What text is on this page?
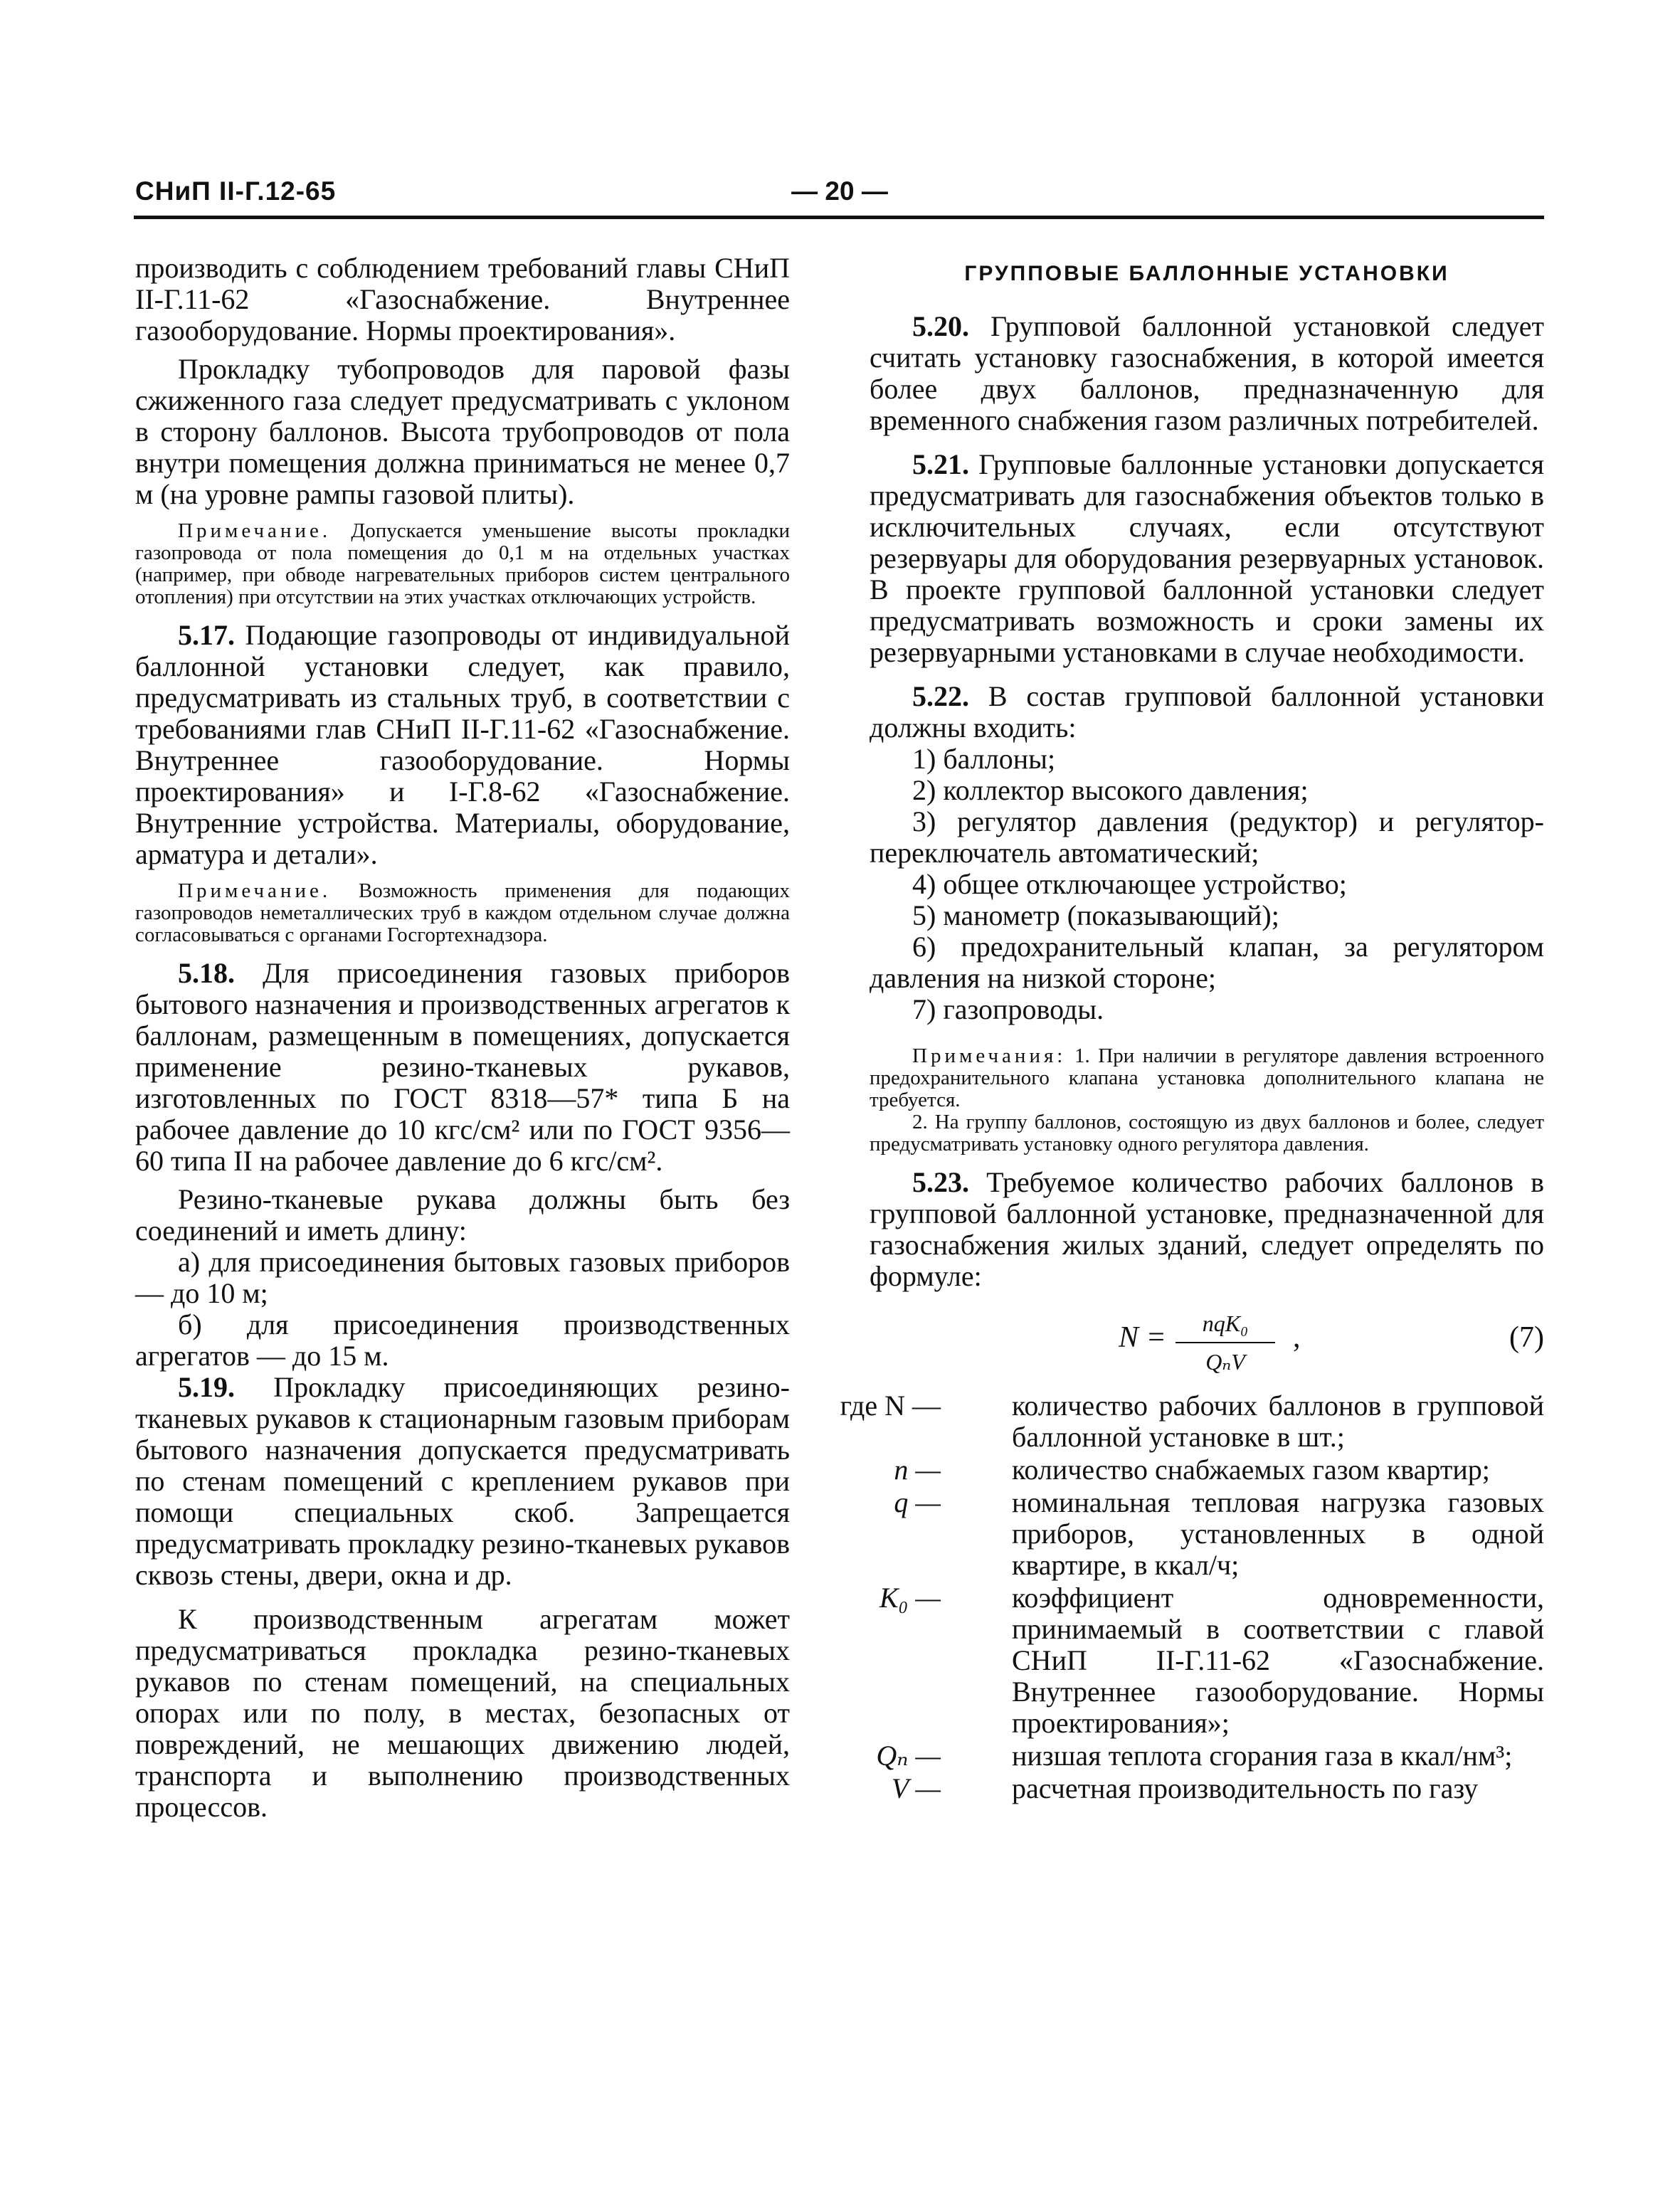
СНиП II-Г.12-65	— 20 —

производить с соблюдением требований главы СНиП II-Г.11-62 «Газоснабжение. Внутреннее газооборудование. Нормы проектирования».

Прокладку тубопроводов для паровой фазы сжиженного газа следует предусматривать с уклоном в сторону баллонов. Высота трубопроводов от пола внутри помещения должна приниматься не менее 0,7 м (на уровне рампы газовой плиты).

Примечание. Допускается уменьшение высоты прокладки газопровода от пола помещения до 0,1 м на отдельных участках (например, при обводе нагревательных приборов систем центрального отопления) при отсутствии на этих участках отключающих устройств.

5.17. Подающие газопроводы от индивидуальной баллонной установки следует, как правило, предусматривать из стальных труб, в соответствии с требованиями глав СНиП II-Г.11-62 «Газоснабжение. Внутреннее газооборудование. Нормы проектирования» и I-Г.8-62 «Газоснабжение. Внутренние устройства. Материалы, оборудование, арматура и детали».

Примечание. Возможность применения для подающих газопроводов неметаллических труб в каждом отдельном случае должна согласовываться с органами Госгортехнадзора.

5.18. Для присоединения газовых приборов бытового назначения и производственных агрегатов к баллонам, размещенным в помещениях, допускается применение резино-тканевых рукавов, изготовленных по ГОСТ 8318—57* типа Б на рабочее давление до 10 кгс/см² или по ГОСТ 9356—60 типа II на рабочее давление до 6 кгс/см².

Резино-тканевые рукава должны быть без соединений и иметь длину:

а) для присоединения бытовых газовых приборов — до 10 м;

б) для присоединения производственных агрегатов — до 15 м.

5.19. Прокладку присоединяющих резино-тканевых рукавов к стационарным газовым приборам бытового назначения допускается предусматривать по стенам помещений с креплением рукавов при помощи специальных скоб. Запрещается предусматривать прокладку резино-тканевых рукавов сквозь стены, двери, окна и др.

К производственным агрегатам может предусматриваться прокладка резино-тканевых рукавов по стенам помещений, на специальных опорах или по полу, в местах, безопасных от повреждений, не мешающих движению людей, транспорта и выполнению производственных процессов.

ГРУППОВЫЕ БАЛЛОННЫЕ УСТАНОВКИ

5.20. Групповой баллонной установкой следует считать установку газоснабжения, в которой имеется более двух баллонов, предназначенную для временного снабжения газом различных потребителей.

5.21. Групповые баллонные установки допускается предусматривать для газоснабжения объектов только в исключительных случаях, если отсутствуют резервуары для оборудования резервуарных установок. В проекте групповой баллонной установки следует предусматривать возможность и сроки замены их резервуарными установками в случае необходимости.

5.22. В состав групповой баллонной установки должны входить:

1) баллоны;

2) коллектор высокого давления;

3) регулятор давления (редуктор) и регулятор-переключатель автоматический;

4) общее отключающее устройство;

5) манометр (показывающий);

6) предохранительный клапан, за регулятором давления на низкой стороне;

7) газопроводы.

Примечания: 1. При наличии в регуляторе давления встроенного предохранительного клапана установка дополнительного клапана не требуется.

2. На группу баллонов, состоящую из двух баллонов и более, следует предусматривать установку одного регулятора давления.

5.23. Требуемое количество рабочих баллонов в групповой баллонной установке, предназначенной для газоснабжения жилых зданий, следует определять по формуле:

N =	nqK₀
QₙV
,	(7)
где N —	количество рабочих баллонов в групповой баллонной установке в шт.;
n —	количество снабжаемых газом квартир;
q —	номинальная тепловая нагрузка газовых приборов, установленных в одной квартире, в ккал/ч;
K₀ —	коэффициент одновременности, принимаемый в соответствии с главой СНиП II-Г.11-62 «Газоснабжение. Внутреннее газооборудование. Нормы проектирования»;
Qₙ —	низшая теплота сгорания газа в ккал/нм³;
V —	расчетная производительность по газу
